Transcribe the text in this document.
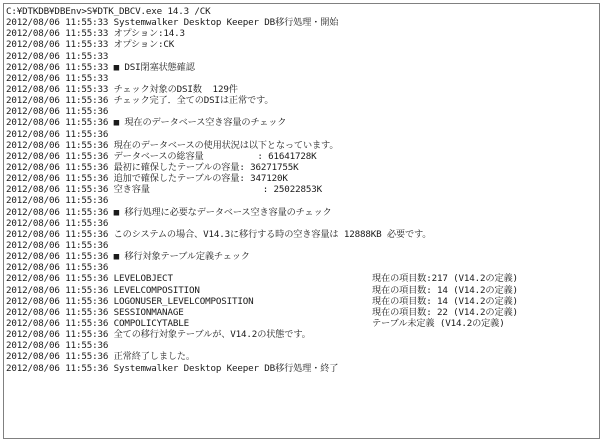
C:¥DTKDB¥DBEnv>S¥DTK_DBCV.exe 14.3 /CK
2012/08/06 11:55:33 Systemwalker Desktop Keeper DB移行処理・開始
2012/08/06 11:55:33 オプション:14.3
2012/08/06 11:55:33 オプション:CK
2012/08/06 11:55:33
2012/08/06 11:55:33 ■ DSI閉塞状態確認
2012/08/06 11:55:33
2012/08/06 11:55:33 チェック対象のDSI数  129件
2012/08/06 11:55:36 チェック完了．全てのDSIは正常です。
2012/08/06 11:55:36
2012/08/06 11:55:36 ■ 現在のデータベース空き容量のチェック
2012/08/06 11:55:36
2012/08/06 11:55:36 現在のデータベースの使用状況は以下となっています。
2012/08/06 11:55:36 データベースの総容量          : 61641728K
2012/08/06 11:55:36 最初に確保したテーブルの容量: 36271755K
2012/08/06 11:55:36 追加で確保したテーブルの容量: 347120K
2012/08/06 11:55:36 空き容量                     : 25022853K
2012/08/06 11:55:36
2012/08/06 11:55:36 ■ 移行処理に必要なデータベース空き容量のチェック
2012/08/06 11:55:36
2012/08/06 11:55:36 このシステムの場合、V14.3に移行する時の空き容量は 12888KB 必要です。
2012/08/06 11:55:36
2012/08/06 11:55:36 ■ 移行対象テーブル定義チェック
2012/08/06 11:55:36
2012/08/06 11:55:36 LEVELOBJECT	現在の項目数:217 (V14.2の定義)
2012/08/06 11:55:36 LEVELCOMPOSITION	現在の項目数: 14 (V14.2の定義)
2012/08/06 11:55:36 LOGONUSER_LEVELCOMPOSITION	現在の項目数: 14 (V14.2の定義)
2012/08/06 11:55:36 SESSIONMANAGE	現在の項目数: 22 (V14.2の定義)
2012/08/06 11:55:36 COMPOLICYTABLE	テーブル未定義 (V14.2の定義)
2012/08/06 11:55:36 全ての移行対象テーブルが、V14.2の状態です。
2012/08/06 11:55:36
2012/08/06 11:55:36 正常終了しました。
2012/08/06 11:55:36 Systemwalker Desktop Keeper DB移行処理・終了
